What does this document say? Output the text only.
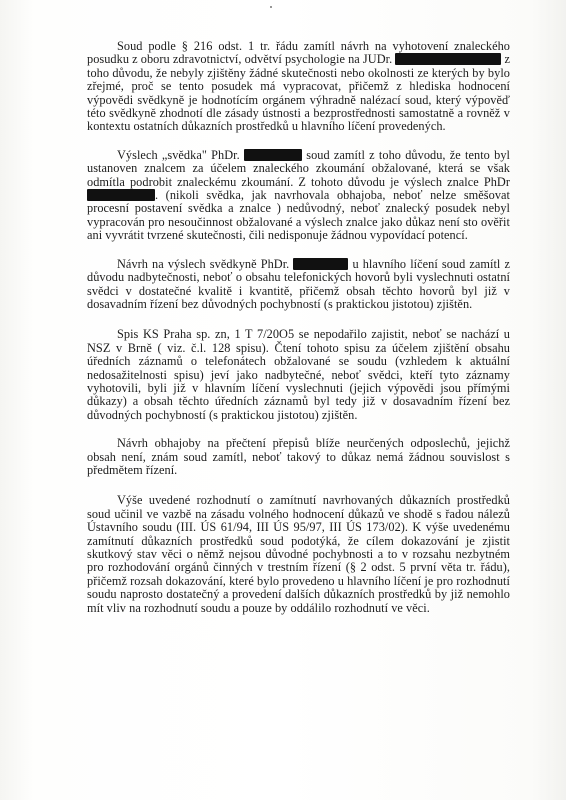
Soud podle § 216 odst. 1 tr. řádu zamítl návrh na vyhotovení znaleckého posudku z oboru zdravotnictví, odvětví psychologie na JUDr.	z toho důvodu, že nebyly zjištěny žádné skutečnosti nebo okolnosti ze kterých by bylo zřejmé, proč se tento posudek má vypracovat, přičemž z hlediska hodnocení výpovědi svědkyně je hodnotícím orgánem výhradně nalézací soud, který výpověď této svědkyně zhodnotí dle zásady ústnosti a bezprostřednosti samostatně a rovněž v kontextu ostatních důkazních prostředků u hlavního líčení provedených.

Výslech „svědka" PhDr.	soud zamítl z toho důvodu, že tento byl ustanoven znalcem za účelem znaleckého zkoumání obžalované, která se však odmítla podrobit znaleckému zkoumání. Z tohoto důvodu je výslech znalce PhDr. (nikoli svědka, jak navrhovala obhajoba, neboť nelze směšovat procesní postavení svědka a znalce ) nedůvodný, neboť znalecký posudek nebyl vypracován pro nesoučinnost obžalované a výslech znalce jako důkaz není sto ověřit ani vyvrátit tvrzené skutečnosti, čili nedisponuje žádnou vypovídací potencí.

Návrh na výslech svědkyně PhDr.	u hlavního líčení soud zamítl z důvodu nadbytečnosti, neboť o obsahu telefonických hovorů byli vyslechnuti ostatní svědci v dostatečné kvalitě i kvantitě, přičemž obsah těchto hovorů byl již v dosavadním řízení bez důvodných pochybností (s praktickou jistotou) zjištěn.

Spis KS Praha sp. zn, 1 T 7/20O5 se nepodařilo zajistit, neboť se nachází u NSZ v Brně ( viz. č.l. 128 spisu). Čtení tohoto spisu za účelem zjištění obsahu úředních záznamů o telefonátech obžalované se soudu (vzhledem k aktuální nedosažitelnosti spisu) jeví jako nadbytečné, neboť svědci, kteří tyto záznamy vyhotovili, byli již v hlavním líčení vyslechnuti (jejich výpovědi jsou přímými důkazy) a obsah těchto úředních záznamů byl tedy již v dosavadním řízení bez důvodných pochybností (s praktickou jistotou) zjištěn.

Návrh obhajoby na přečtení přepisů blíže neurčených odposlechů, jejichž obsah není, znám soud zamítl, neboť takový to důkaz nemá žádnou souvislost s předmětem řízení.

Výše uvedené rozhodnutí o zamítnutí navrhovaných důkazních prostředků soud učinil ve vazbě na zásadu volného hodnocení důkazů ve shodě s řadou nálezů Ústavního soudu (III. ÚS 61/94, III ÚS 95/97, III ÚS 173/02). K výše uvedenému zamítnutí důkazních prostředků soud podotýká, že cílem dokazování je zjistit skutkový stav věci o němž nejsou důvodné pochybnosti a to v rozsahu nezbytném pro rozhodování orgánů činných v trestním řízení (§ 2 odst. 5 první věta tr. řádu), přičemž rozsah dokazování, které bylo provedeno u hlavního líčení je pro rozhodnutí soudu naprosto dostatečný a provedení dalších důkazních prostředků by již nemohlo mít vliv na rozhodnutí soudu a pouze by oddálilo rozhodnutí ve věci.
